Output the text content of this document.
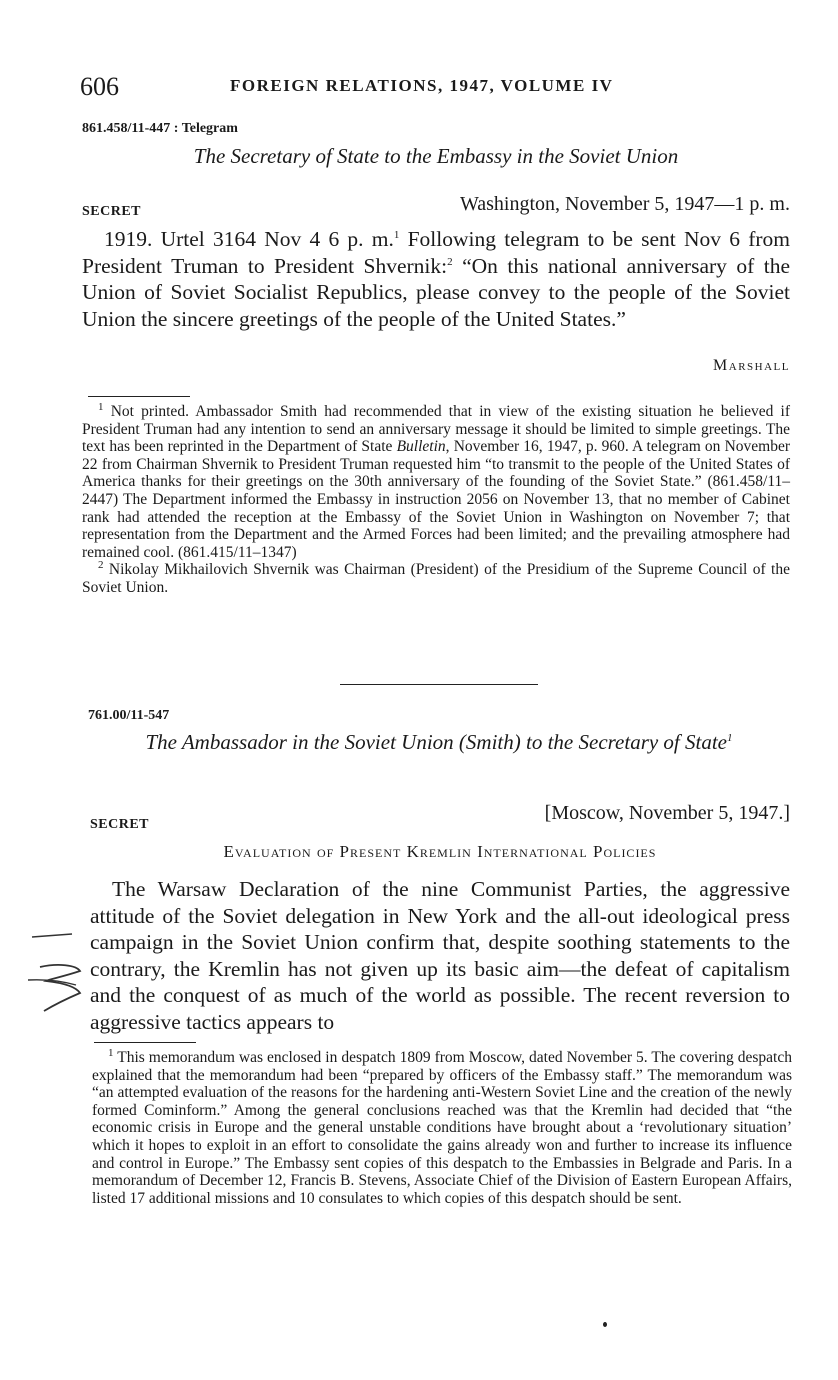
606	FOREIGN RELATIONS, 1947, VOLUME IV
861.458/11-447 : Telegram
The Secretary of State to the Embassy in the Soviet Union
SECRET	Washington, November 5, 1947—1 p. m.

1919. Urtel 3164 Nov 4 6 p. m.$^1$ Following telegram to be sent Nov 6 from President Truman to President Shvernik:$^2$ “On this national anniversary of the Union of Soviet Socialist Republics, please convey to the people of the Soviet Union the sincere greetings of the people of the United States.”

Marshall

$^1$ Not printed. Ambassador Smith had recommended that in view of the existing situation he believed if President Truman had any intention to send an anniversary message it should be limited to simple greetings. The text has been reprinted in the Department of State Bulletin, November 16, 1947, p. 960. A telegram on November 22 from Chairman Shvernik to President Truman requested him “to transmit to the people of the United States of America thanks for their greetings on the 30th anniversary of the founding of the Soviet State.” (861.458/11–2447) The Department informed the Embassy in instruction 2056 on November 13, that no member of Cabinet rank had attended the reception at the Embassy of the Soviet Union in Washington on November 7; that representation from the Department and the Armed Forces had been limited; and the prevailing atmosphere had remained cool. (861.415/11–1347)

$^2$ Nikolay Mikhailovich Shvernik was Chairman (President) of the Presidium of the Supreme Council of the Soviet Union.

761.00/11-547
The Ambassador in the Soviet Union (Smith) to the Secretary of State$^1$
SECRET
[Moscow, November 5, 1947.]
Evaluation of Present Kremlin International Policies

The Warsaw Declaration of the nine Communist Parties, the aggressive attitude of the Soviet delegation in New York and the all-out ideological press campaign in the Soviet Union confirm that, despite soothing statements to the contrary, the Kremlin has not given up its basic aim—the defeat of capitalism and the conquest of as much of the world as possible. The recent reversion to aggressive tactics appears to

$^1$ This memorandum was enclosed in despatch 1809 from Moscow, dated November 5. The covering despatch explained that the memorandum had been “prepared by officers of the Embassy staff.” The memorandum was “an attempted evaluation of the reasons for the hardening anti-Western Soviet Line and the creation of the newly formed Cominform.” Among the general conclusions reached was that the Kremlin had decided that “the economic crisis in Europe and the general unstable conditions have brought about a ‘revolutionary situation’ which it hopes to exploit in an effort to consolidate the gains already won and further to increase its influence and control in Europe.” The Embassy sent copies of this despatch to the Embassies in Belgrade and Paris. In a memorandum of December 12, Francis B. Stevens, Associate Chief of the Division of Eastern European Affairs, listed 17 additional missions and 10 consulates to which copies of this despatch should be sent.
